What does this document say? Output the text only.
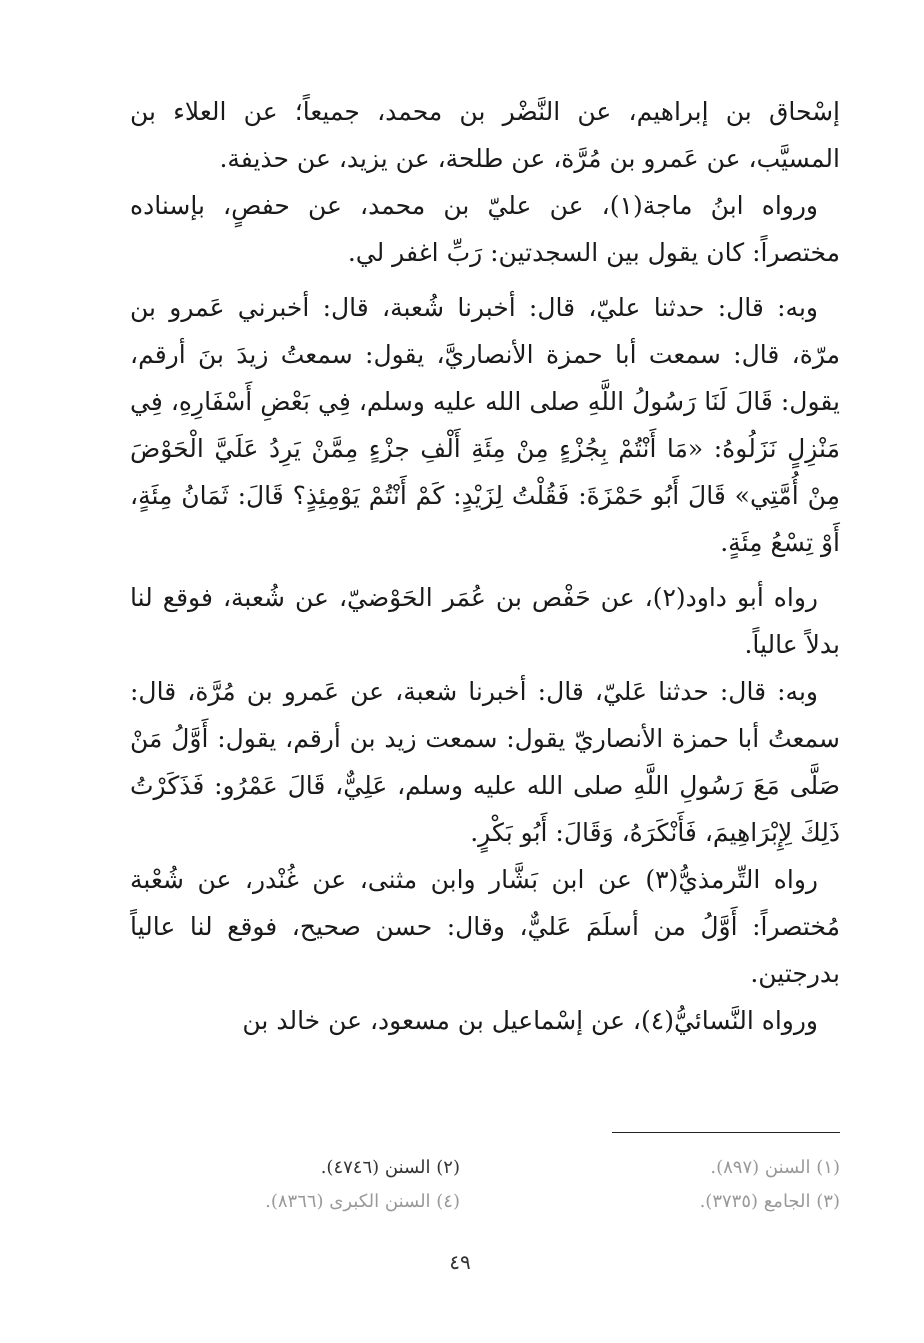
إسْحاق بن إبراهيم، عن النَّضْر بن محمد، جميعاً؛ عن العلاء بن المسيَّب، عن عَمرو بن مُرَّة، عن طلحة، عن يزيد، عن حذيفة.

ورواه ابنُ ماجة(١)، عن عليّ بن محمد، عن حفصٍ، بإسناده مختصراً: كان يقول بين السجدتين: رَبِّ اغفر لي.

وبه: قال: حدثنا عليّ، قال: أخبرنا شُعبة، قال: أخبرني عَمرو بن مرّة، قال: سمعت أبا حمزة الأنصاريَّ، يقول: سمعتُ زيدَ بنَ أرقم، يقول: قَالَ لَنَا رَسُولُ اللَّهِ صلى الله عليه وسلم، فِي بَعْضِ أَسْفَارِهِ، فِي مَنْزِلٍ نَزَلُوهُ: «مَا أَنْتُمْ بِجُزْءٍ مِنْ مِئَةِ أَلْفِ جزْءٍ مِمَّنْ يَرِدُ عَلَيَّ الْحَوْضَ مِنْ أُمَّتِي» قَالَ أَبُو حَمْزَةَ: فَقُلْتُ لِزَيْدٍ: كَمْ أَنْتُمْ يَوْمِئِذٍ؟ قَالَ: ثَمَانُ مِئَةٍ، أَوْ تِسْعُ مِئَةٍ.

رواه أبو داود(٢)، عن حَفْص بن عُمَر الحَوْضيّ، عن شُعبة، فوقع لنا بدلاً عالياً.

وبه: قال: حدثنا عَليّ، قال: أخبرنا شعبة، عن عَمرو بن مُرَّة، قال: سمعتُ أبا حمزة الأنصاريّ يقول: سمعت زيد بن أرقم، يقول: أَوَّلُ مَنْ صَلَّى مَعَ رَسُولِ اللَّهِ صلى الله عليه وسلم، عَلِيٌّ، قَالَ عَمْرُو: فَذَكَرْتُ ذَلِكَ لِإِبْرَاهِيمَ، فَأَنْكَرَهُ، وَقَالَ: أَبُو بَكْرٍ.

رواه التِّرمذيُّ(٣) عن ابن بَشَّار وابن مثنى، عن غُنْدر، عن شُعْبة مُختصراً: أَوَّلُ من أسلَمَ عَليٌّ، وقال: حسن صحيح، فوقع لنا عالياً بدرجتين.

ورواه النَّسائيُّ(٤)، عن إسْماعيل بن مسعود، عن خالد بن

(١) السنن (٨٩٧).
(٢) السنن (٤٧٤٦).
(٣) الجامع (٣٧٣٥).
(٤) السنن الكبرى (٨٣٦٦).
٤٩
